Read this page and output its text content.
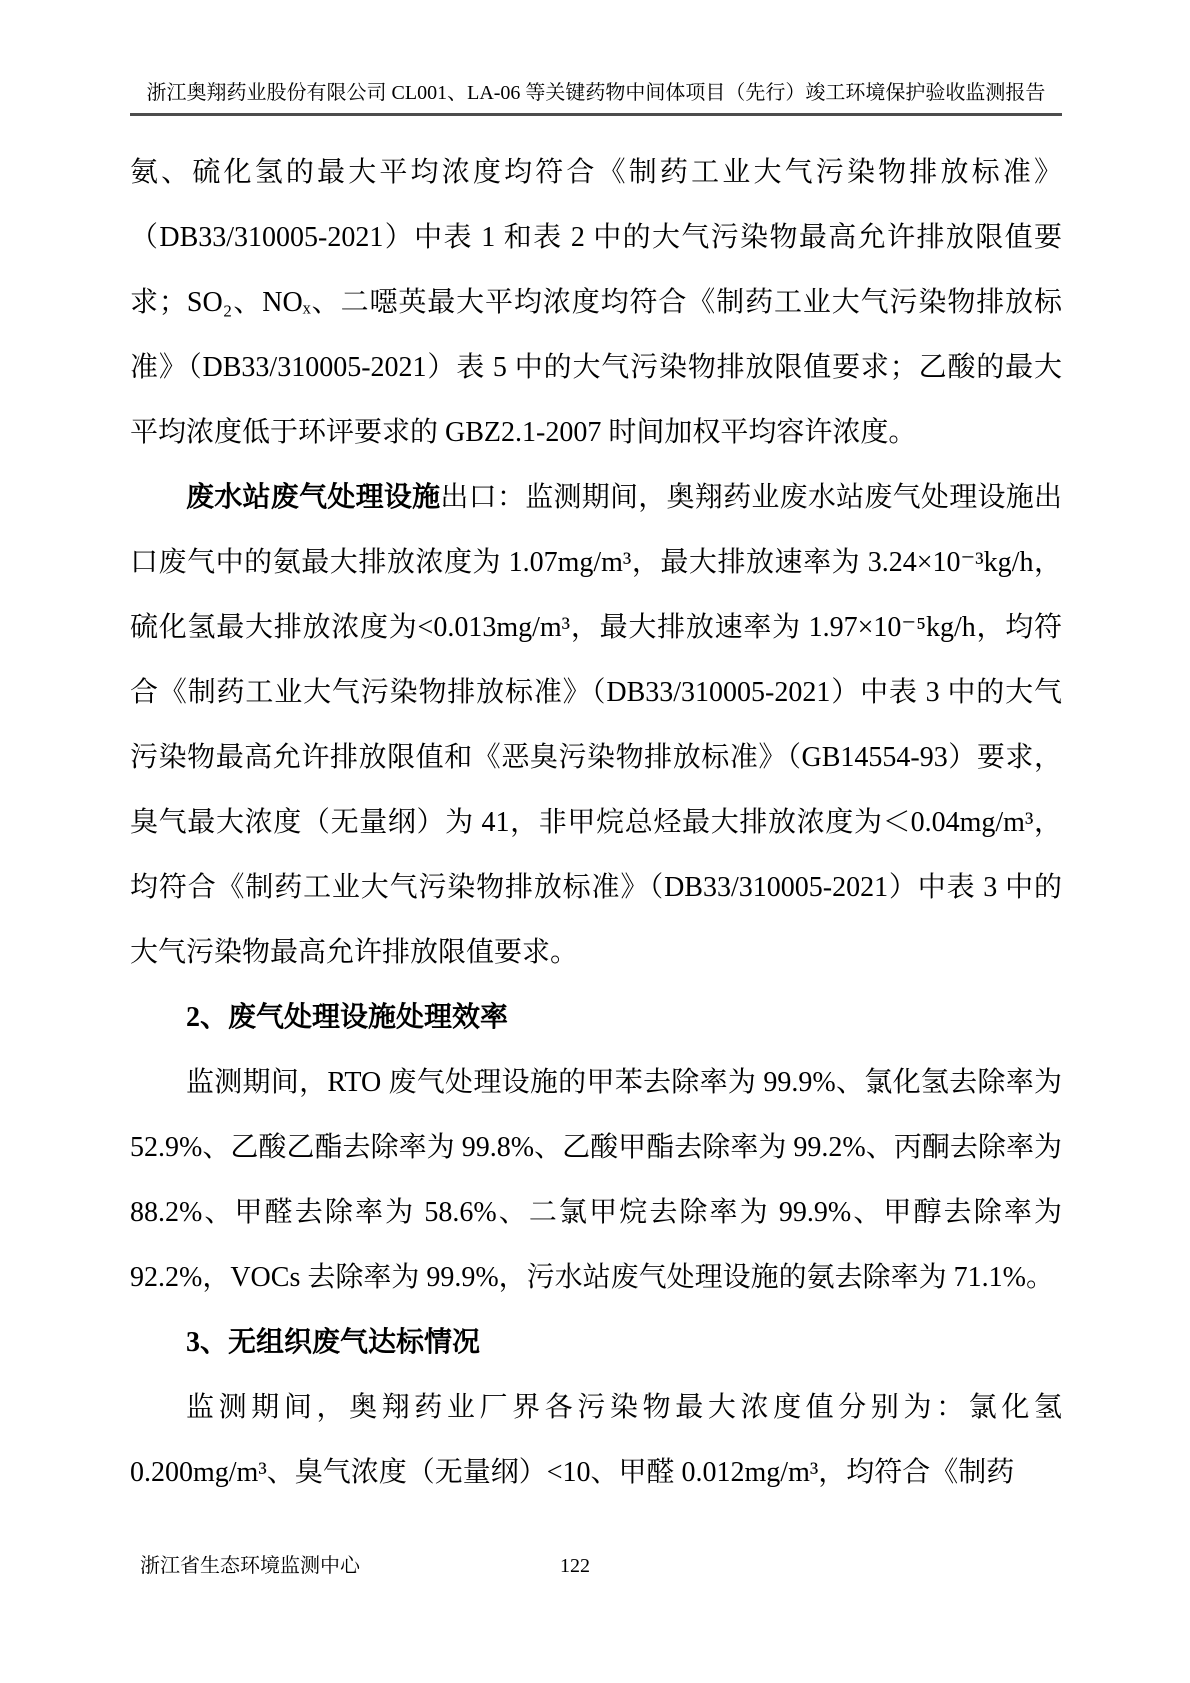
浙江奥翔药业股份有限公司 CL001、LA-06 等关键药物中间体项目（先行）竣工环境保护验收监测报告

氨、硫化氢的最大平均浓度均符合《制药工业大气污染物排放标准》（DB33/310005-2021）中表 1 和表 2 中的大气污染物最高允许排放限值要求；SO₂、NOₓ、二噁英最大平均浓度均符合《制药工业大气污染物排放标准》（DB33/310005-2021）表 5 中的大气污染物排放限值要求；乙酸的最大平均浓度低于环评要求的 GBZ2.1-2007 时间加权平均容许浓度。

废水站废气处理设施出口：监测期间，奥翔药业废水站废气处理设施出口废气中的氨最大排放浓度为 1.07mg/m³，最大排放速率为 3.24×10⁻³kg/h，硫化氢最大排放浓度为<0.013mg/m³，最大排放速率为 1.97×10⁻⁵kg/h，均符合《制药工业大气污染物排放标准》（DB33/310005-2021）中表 3 中的大气污染物最高允许排放限值和《恶臭污染物排放标准》（GB14554-93）要求，臭气最大浓度（无量纲）为 41，非甲烷总烃最大排放浓度为＜0.04mg/m³，均符合《制药工业大气污染物排放标准》（DB33/310005-2021）中表 3 中的大气污染物最高允许排放限值要求。

2、废气处理设施处理效率

监测期间，RTO 废气处理设施的甲苯去除率为 99.9%、氯化氢去除率为 52.9%、乙酸乙酯去除率为 99.8%、乙酸甲酯去除率为 99.2%、丙酮去除率为 88.2%、甲醛去除率为 58.6%、二氯甲烷去除率为 99.9%、甲醇去除率为 92.2%，VOCs 去除率为 99.9%，污水站废气处理设施的氨去除率为 71.1%。

3、无组织废气达标情况

监测期间，奥翔药业厂界各污染物最大浓度值分别为：氯化氢 0.200mg/m³、臭气浓度（无量纲）<10、甲醛 0.012mg/m³，均符合《制药

浙江省生态环境监测中心	122
